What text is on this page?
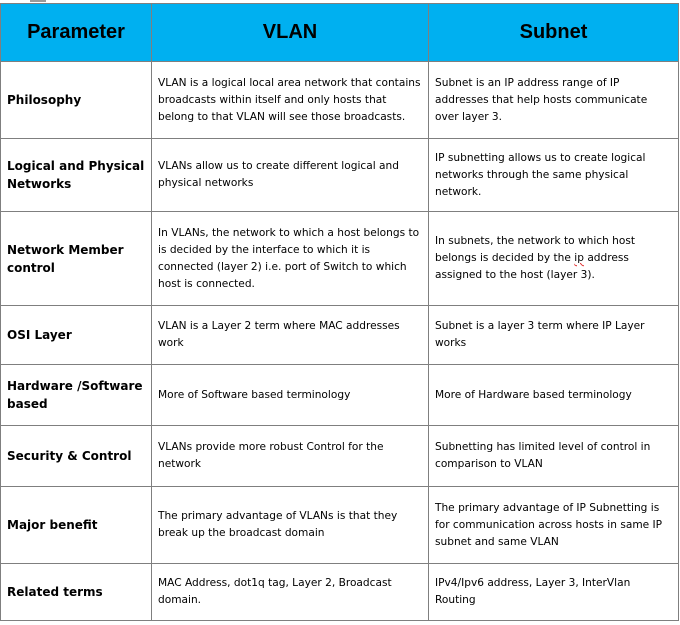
Parameter	VLAN	Subnet
Philosophy	VLAN is a logical local area network that contains broadcasts within itself and only hosts that belong to that VLAN will see those broadcasts.	Subnet is an IP address range of IP addresses that help hosts communicate over layer 3.
Logical and Physical Networks	VLANs allow us to create different logical and physical networks	IP subnetting allows us to create logical networks through the same physical network.
Network Member control	In VLANs, the network to which a host belongs to is decided by the interface to which it is connected (layer 2) i.e. port of Switch to which host is connected.	In subnets, the network to which host belongs is decided by the ip address assigned to the host (layer 3).
OSI Layer	VLAN is a Layer 2 term where MAC addresses work	Subnet is a layer 3 term where IP Layer works
Hardware /Software based	More of Software based terminology	More of Hardware based terminology
Security & Control	VLANs provide more robust Control for the network	Subnetting has limited level of control in comparison to VLAN
Major benefit	The primary advantage of VLANs is that they break up the broadcast domain	The primary advantage of IP Subnetting is for communication across hosts in same IP subnet and same VLAN
Related terms	MAC Address, dot1q tag, Layer 2, Broadcast domain.	IPv4/Ipv6 address, Layer 3, InterVlan Routing
